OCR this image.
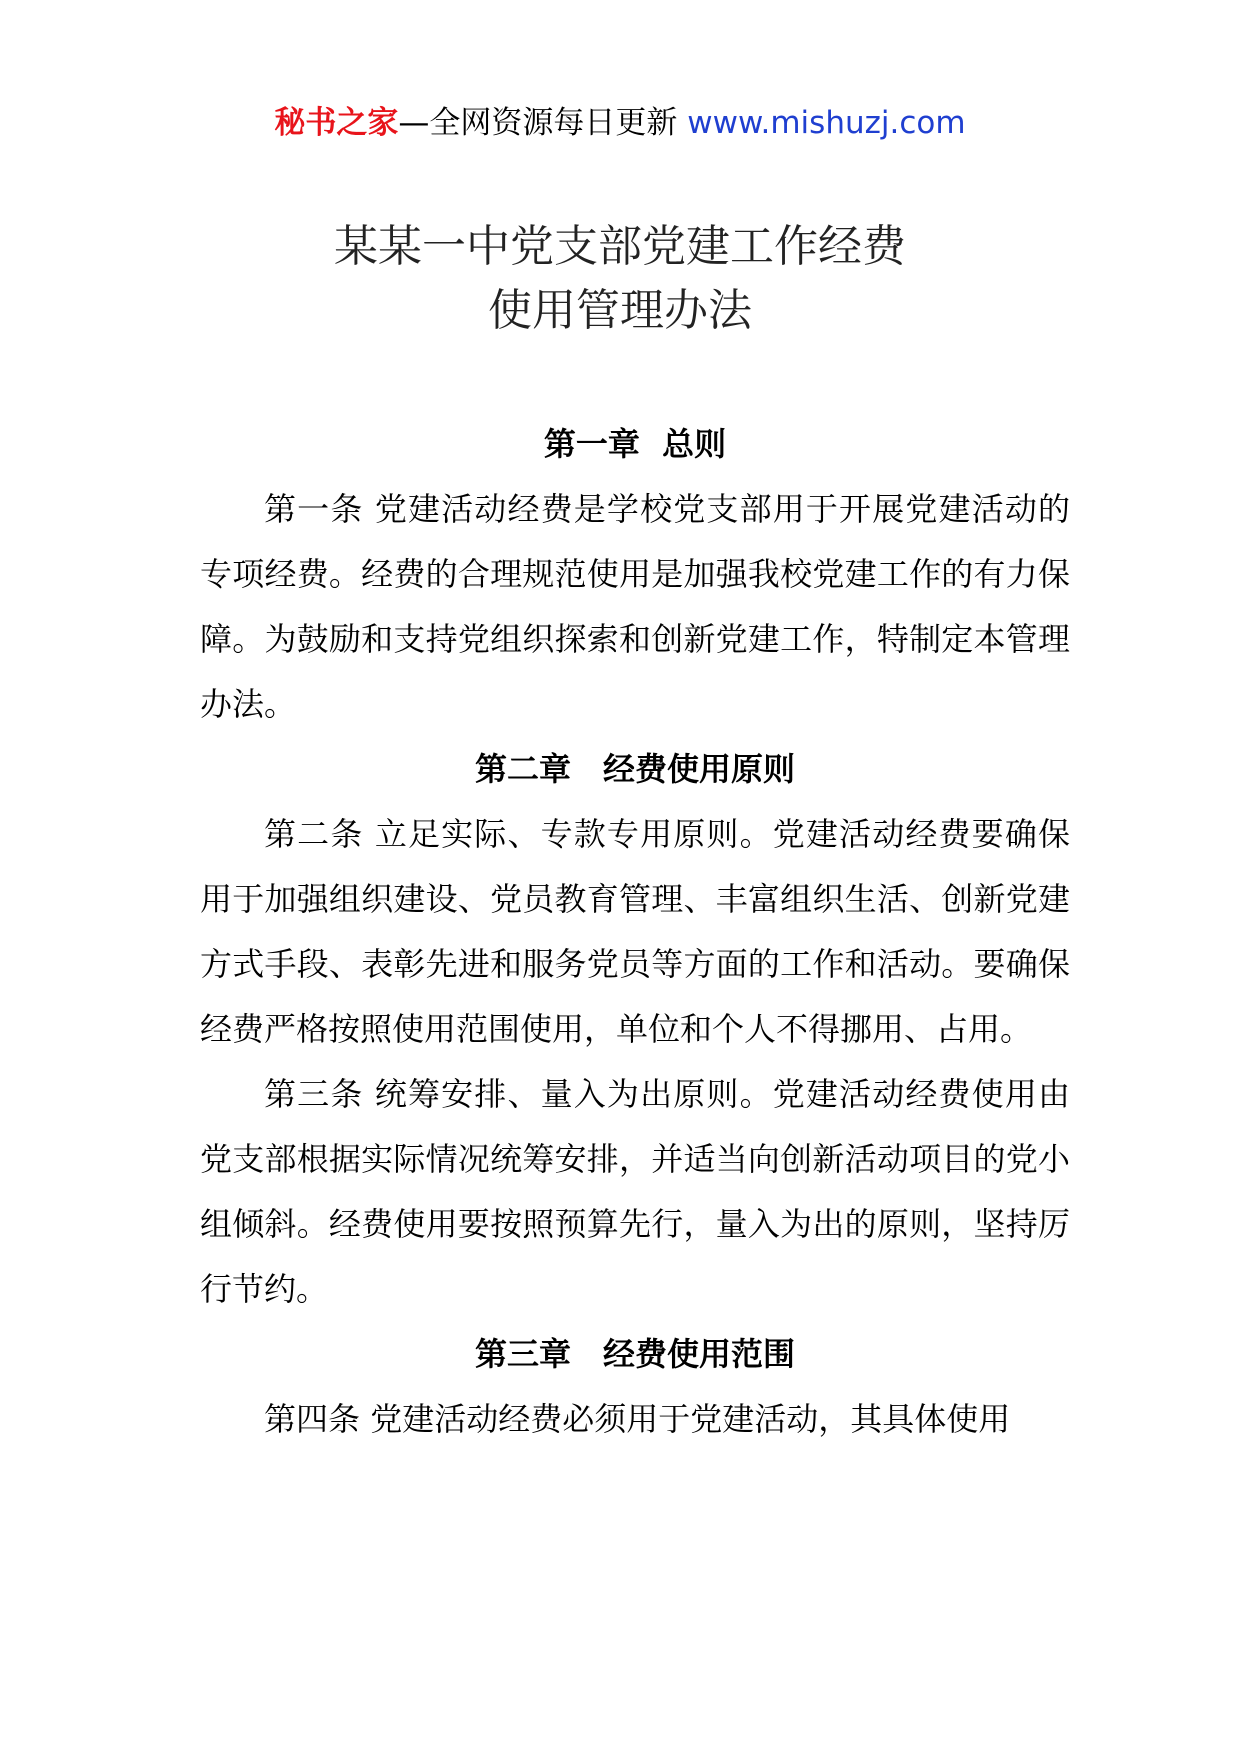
秘书之家—全网资源每日更新 www.mishuzj.com
某某一中党支部党建工作经费
使用管理办法
第一章  总则

第一条 党建活动经费是学校党支部用于开展党建活动的专项经费。经费的合理规范使用是加强我校党建工作的有力保障。为鼓励和支持党组织探索和创新党建工作，特制定本管理办法。

第二章　经费使用原则

第二条 立足实际、专款专用原则。党建活动经费要确保用于加强组织建设、党员教育管理、丰富组织生活、创新党建方式手段、表彰先进和服务党员等方面的工作和活动。要确保经费严格按照使用范围使用，单位和个人不得挪用、占用。

第三条 统筹安排、量入为出原则。党建活动经费使用由党支部根据实际情况统筹安排，并适当向创新活动项目的党小组倾斜。经费使用要按照预算先行，量入为出的原则，坚持厉行节约。

第三章　经费使用范围

第四条 党建活动经费必须用于党建活动，其具体使用
